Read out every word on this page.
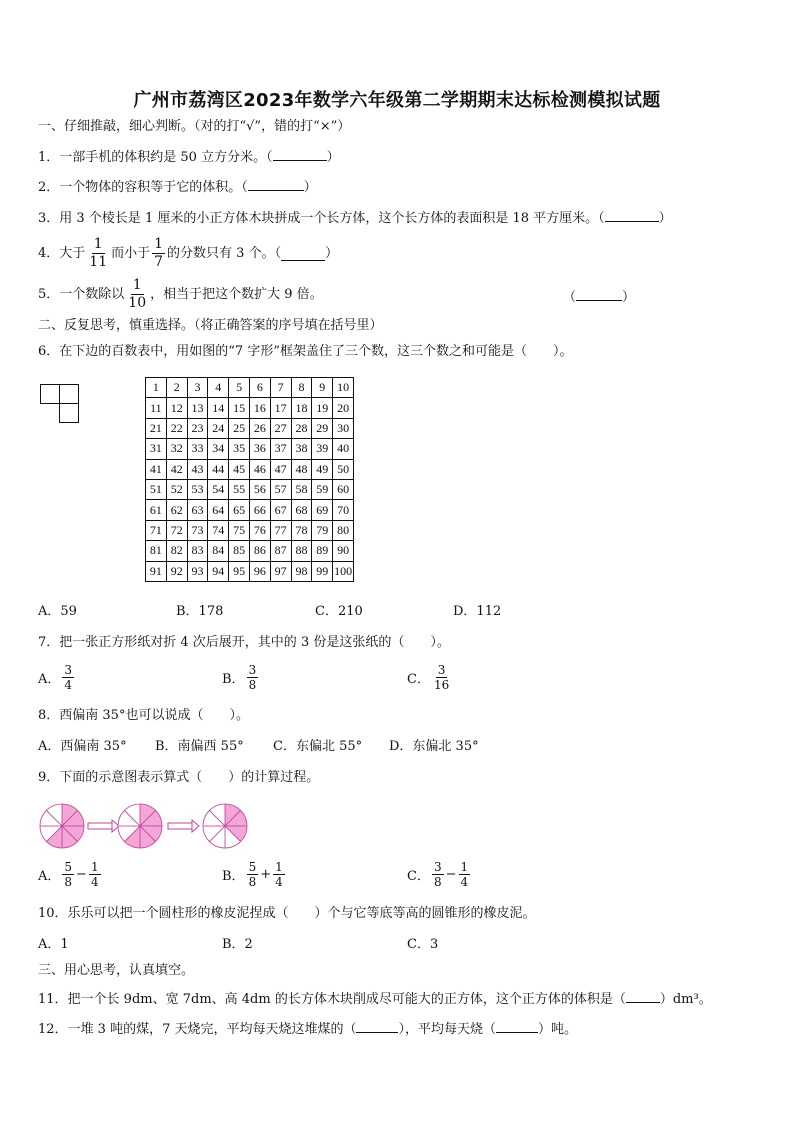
广州市荔湾区2023年数学六年级第二学期期末达标检测模拟试题
一、仔细推敲，细心判断。（对的打“√”，错的打“×”）
1．一部手机的体积约是 50 立方分米。（	）
2．一个物体的容积等于它的体积。（	）
3．用 3 个棱长是 1 厘米的小正方体木块拼成一个长方体，这个长方体的表面积是 18 平方厘米。（	）
4．大于 $\frac{1}{11}$ 而小于 $\frac{1}{7}$ 的分数只有 3 个。（	）
5．一个数除以 $\frac{1}{10}$ ，相当于把这个数扩大 9 倍。	（	）
二、反复思考，慎重选择。（将正确答案的序号填在括号里）
6．在下边的百数表中，用如图的“7 字形”框架盖住了三个数，这三个数之和可能是（　　）。
1	2	3	4	5	6	7	8	9	10
11	12	13	14	15	16	17	18	19	20
21	22	23	24	25	26	27	28	29	30
31	32	33	34	35	36	37	38	39	40
41	42	43	44	45	46	47	48	49	50
51	52	53	54	55	56	57	58	59	60
61	62	63	64	65	66	67	68	69	70
71	72	73	74	75	76	77	78	79	80
81	82	83	84	85	86	87	88	89	90
91	92	93	94	95	96	97	98	99	100
A．59	B．178	C．210	D．112
7．把一张正方形纸对折 4 次后展开，其中的 3 份是这张纸的（　　）。
A． $\frac{3}{4}$	B． $\frac{3}{8}$	C． $\frac{3}{16}$
8．西偏南 35°也可以说成（　　）。
A．西偏南 35° B．南偏西 55° C．东偏北 55° D．东偏北 35°
9．下面的示意图表示算式（　　）的计算过程。
A． $\frac{5}{8} - \frac{1}{4}$	B． $\frac{5}{8} + \frac{1}{4}$	C． $\frac{3}{8} - \frac{1}{4}$
10．乐乐可以把一个圆柱形的橡皮泥捏成（　　）个与它等底等高的圆锥形的橡皮泥。
A．1	B．2	C．3
三、用心思考，认真填空。
11．把一个长 9dm、宽 7dm、高 4dm 的长方体木块削成尽可能大的正方体，这个正方体的体积是（	）dm³。
12．一堆 3 吨的煤，7 天烧完，平均每天烧这堆煤的（	），平均每天烧（	）吨。
